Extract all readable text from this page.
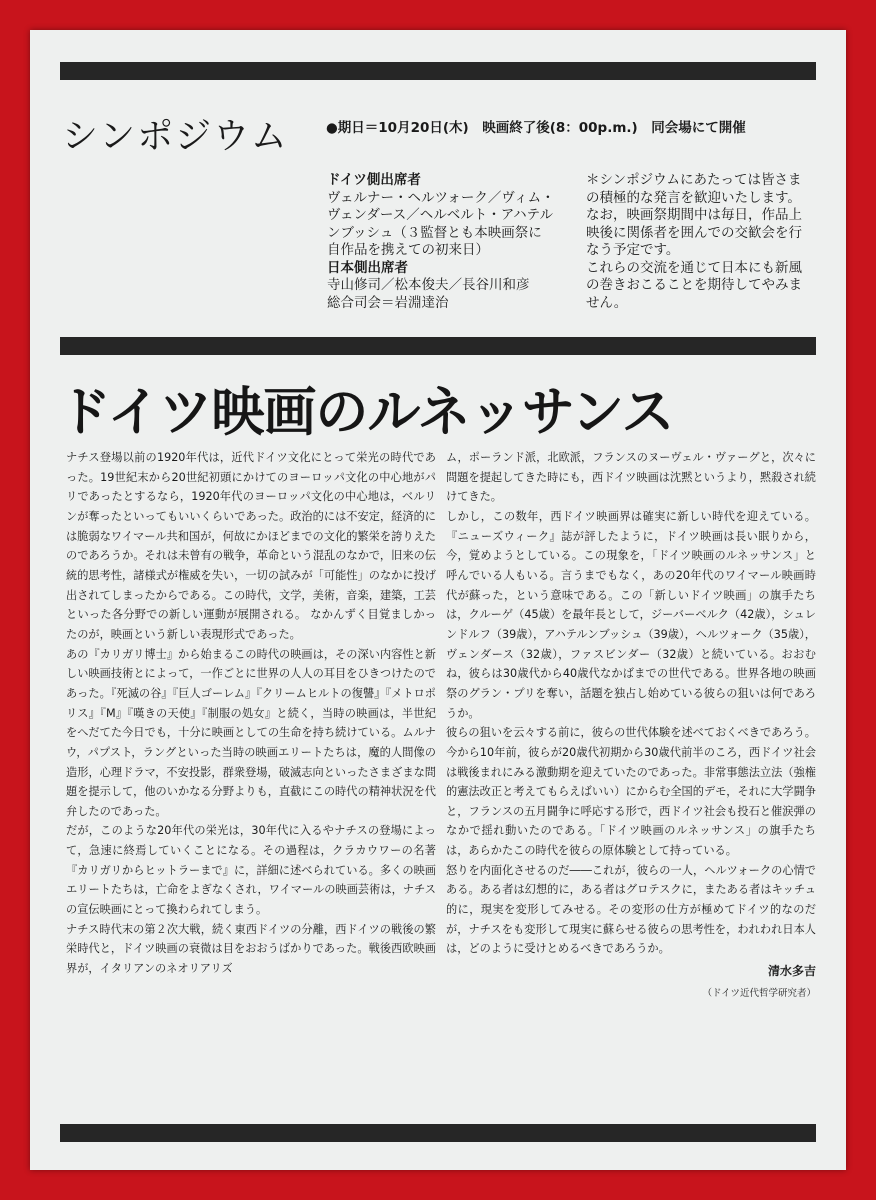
シンポジウム	●期日＝10月20日(木)　映画終了後(8：00p.m.)　同会場にて開催
ドイツ側出席者
ヴェルナー・ヘルツォーク／ヴィム・ヴェンダース／ヘルベルト・アハテルンブッシュ（３監督とも本映画祭に自作品を携えての初来日）
日本側出席者
寺山修司／松本俊夫／長谷川和彦
総合司会＝岩淵達治

＊シンポジウムにあたっては皆さまの積極的な発言を歓迎いたします。なお，映画祭期間中は毎日，作品上映後に関係者を囲んでの交歓会を行なう予定です。

これらの交流を通じて日本にも新風の巻きおこることを期待してやみません。

ドイツ映画のルネッサンス

ナチス登場以前の1920年代は，近代ドイツ文化にとって栄光の時代であった。19世紀末から20世紀初頭にかけてのヨーロッパ文化の中心地がパリであったとするなら，1920年代のヨーロッパ文化の中心地は，ベルリンが奪ったといってもいいくらいであった。政治的には不安定，経済的には脆弱なワイマール共和国が，何故にかほどまでの文化的繁栄を誇りえたのであろうか。それは未曾有の戦争，革命という混乱のなかで，旧来の伝統的思考性，諸様式が権威を失い，一切の試みが「可能性」のなかに投げ出されてしまったからである。この時代，文学，美術，音楽，建築，工芸といった各分野での新しい運動が展開される。 なかんずく目覚ましかったのが，映画という新しい表現形式であった。

あの『カリガリ博士』から始まるこの時代の映画は，その深い内容性と新しい映画技術とによって，一作ごとに世界の人人の耳目をひきつけたのであった。『死滅の谷』『巨人ゴーレム』『クリームヒルトの復讐』『メトロポリス』『M』『嘆きの天使』『制服の処女』と続く，当時の映画は，半世紀をへだてた今日でも，十分に映画としての生命を持ち続けている。ムルナウ，パプスト，ラングといった当時の映画エリートたちは，魔的人間像の造形，心理ドラマ，不安投影，群衆登場，破滅志向といったさまざまな問題を提示して，他のいかなる分野よりも，直截にこの時代の精神状況を代弁したのであった。

だが，このような20年代の栄光は，30年代に入るやナチスの登場によって，急速に終焉していくことになる。その過程は，クラカウワーの名著『カリガリからヒットラーまで』に，詳細に述べられている。多くの映画エリートたちは，亡命をよぎなくされ，ワイマールの映画芸術は，ナチスの宣伝映画にとって換わられてしまう。

ナチス時代末の第２次大戦，続く東西ドイツの分離，西ドイツの戦後の繁栄時代と，ドイツ映画の衰微は目をおおうばかりであった。戦後西欧映画界が，イタリアンのネオリアリズ

ム，ポーランド派，北欧派，フランスのヌーヴェル・ヴァーグと，次々に問題を提起してきた時にも，西ドイツ映画は沈黙というより，黙殺され続けてきた。

しかし，この数年，西ドイツ映画界は確実に新しい時代を迎えている。『ニューズウィーク』誌が評したように，ドイツ映画は長い眠りから，今，覚めようとしている。この現象を，「ドイツ映画のルネッサンス」と呼んでいる人もいる。言うまでもなく，あの20年代のワイマール映画時代が蘇った，という意味である。この「新しいドイツ映画」の旗手たちは，クルーゲ（45歳）を最年長として，ジーバーベルク（42歳），シュレンドルフ（39歳），アハテルンブッシュ（39歳），ヘルツォーク（35歳），ヴェンダース（32歳），ファスビンダー（32歳）と続いている。おおむね，彼らは30歳代から40歳代なかばまでの世代である。世界各地の映画祭のグラン・プリを奪い，話題を独占し始めている彼らの狙いは何であろうか。

彼らの狙いを云々する前に，彼らの世代体験を述べておくべきであろう。今から10年前，彼らが20歳代初期から30歳代前半のころ，西ドイツ社会は戦後まれにみる激動期を迎えていたのであった。非常事態法立法（強権的憲法改正と考えてもらえばいい）にからむ全国的デモ，それに大学闘争と，フランスの五月闘争に呼応する形で，西ドイツ社会も投石と催涙弾のなかで揺れ動いたのである。「ドイツ映画のルネッサンス」の旗手たちは，あらかたこの時代を彼らの原体験として持っている。

怒りを内面化させるのだ――これが，彼らの一人，ヘルツォークの心情である。ある者は幻想的に，ある者はグロテスクに，またある者はキッチュ的に，現実を変形してみせる。その変形の仕方が極めてドイツ的なのだが，ナチスをも変形して現実に蘇らせる彼らの思考性を，われわれ日本人は，どのように受けとめるべきであろうか。

清水多吉
（ドイツ近代哲学研究者）
